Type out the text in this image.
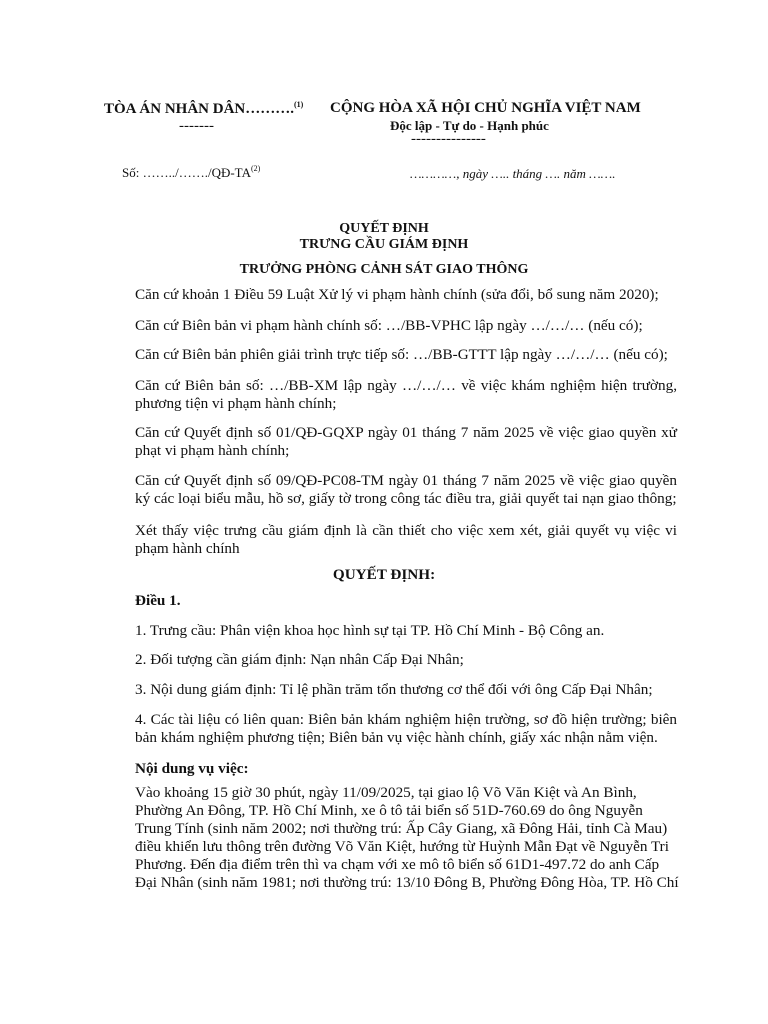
TÒA ÁN NHÂN DÂN……….$^{(1)}$
-------
CỘNG HÒA XÃ HỘI CHỦ NGHĨA VIỆT NAM
Độc lập - Tự do - Hạnh phúc
---------------
Số: ……../……./QĐ-TA$^{(2)}$	…………, ngày ….. tháng …. năm …….
QUYẾT ĐỊNH
TRƯNG CẦU GIÁM ĐỊNH
TRƯỞNG PHÒNG CẢNH SÁT GIAO THÔNG
Căn cứ khoản 1 Điều 59 Luật Xử lý vi phạm hành chính (sửa đổi, bổ sung năm 2020);
Căn cứ Biên bản vi phạm hành chính số: …/BB-VPHC lập ngày …/…/… (nếu có);
Căn cứ Biên bản phiên giải trình trực tiếp số: …/BB-GTTT lập ngày …/…/… (nếu có);
Căn cứ Biên bản số: …/BB-XM lập ngày …/…/… về việc khám nghiệm hiện trường, phương tiện vi phạm hành chính;
Căn cứ Quyết định số 01/QĐ-GQXP ngày 01 tháng 7 năm 2025 về việc giao quyền xử phạt vi phạm hành chính;
Căn cứ Quyết định số 09/QĐ-PC08-TM ngày 01 tháng 7 năm 2025 về việc giao quyền ký các loại biểu mẫu, hồ sơ, giấy tờ trong công tác điều tra, giải quyết tai nạn giao thông;
Xét thấy việc trưng cầu giám định là cần thiết cho việc xem xét, giải quyết vụ việc vi phạm hành chính
QUYẾT ĐỊNH:
Điều 1.
1. Trưng cầu: Phân viện khoa học hình sự tại TP. Hồ Chí Minh - Bộ Công an.
2. Đối tượng cần giám định: Nạn nhân Cấp Đại Nhân;
3. Nội dung giám định: Tỉ lệ phần trăm tổn thương cơ thể đối với ông Cấp Đại Nhân;
4. Các tài liệu có liên quan: Biên bản khám nghiệm hiện trường, sơ đồ hiện trường; biên bản khám nghiệm phương tiện; Biên bản vụ việc hành chính, giấy xác nhận nằm viện.
Nội dung vụ việc:
Vào khoảng 15 giờ 30 phút, ngày 11/09/2025, tại giao lộ Võ Văn Kiệt và An Bình,
Phường An Đông, TP. Hồ Chí Minh, xe ô tô tải biển số 51D-760.69 do ông Nguyễn
Trung Tính (sinh năm 2002; nơi thường trú: Ấp Cây Giang, xã Đông Hải, tỉnh Cà Mau)
điều khiển lưu thông trên đường Võ Văn Kiệt, hướng từ Huỳnh Mẫn Đạt về Nguyễn Tri
Phương. Đến địa điểm trên thì va chạm với xe mô tô biển số 61D1-497.72 do anh Cấp
Đại Nhân (sinh năm 1981; nơi thường trú: 13/10 Đông B, Phường Đông Hòa, TP. Hồ Chí
